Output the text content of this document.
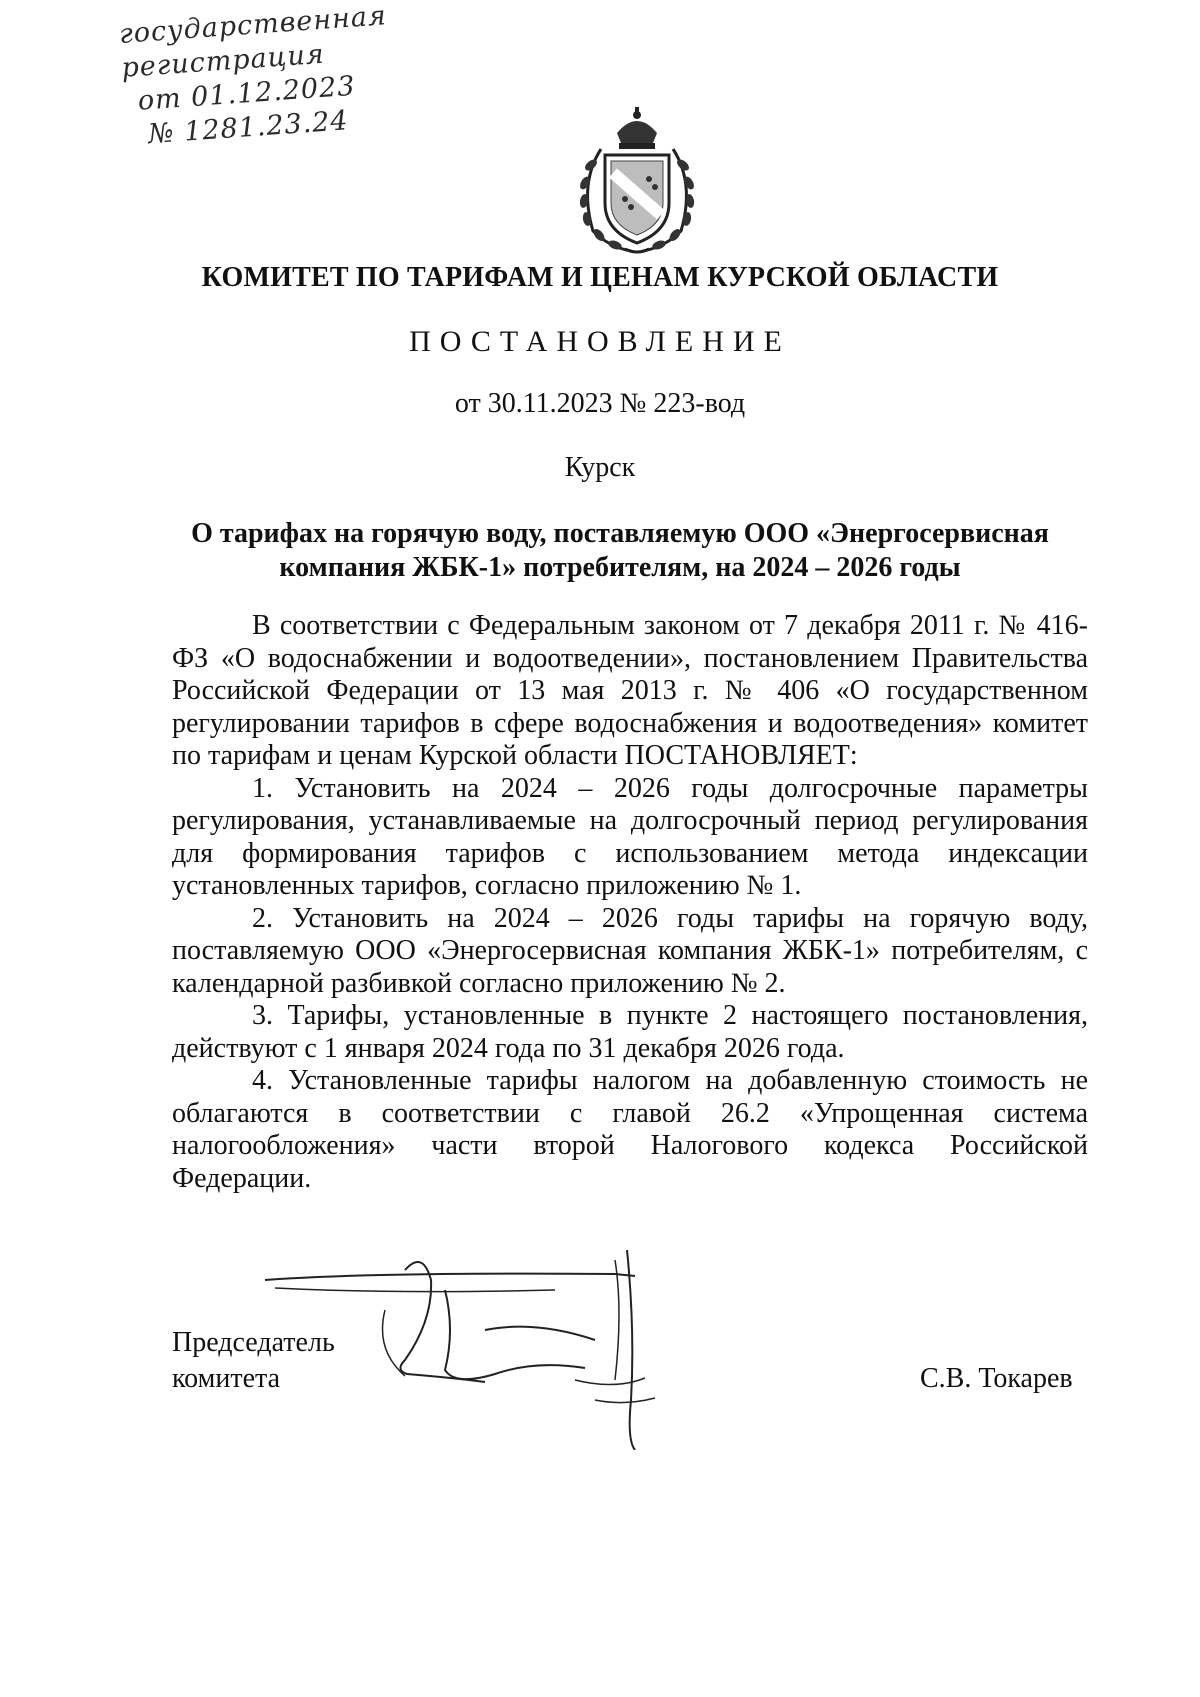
государственная
регистрация
от 01.12.2023
№ 1281.23.24
КОМИТЕТ ПО ТАРИФАМ И ЦЕНАМ КУРСКОЙ ОБЛАСТИ
ПОСТАНОВЛЕНИЕ
от 30.11.2023 № 223-вод
Курск
О тарифах на горячую воду, поставляемую ООО «Энергосервисная
компания ЖБК-1» потребителям, на 2024 – 2026 годы

В соответствии с Федеральным законом от 7 декабря 2011 г. № 416-ФЗ «О водоснабжении и водоотведении», постановлением Правительства Российской Федерации от 13 мая 2013 г. № 406 «О государственном регулировании тарифов в сфере водоснабжения и водоотведения» комитет по тарифам и ценам Курской области ПОСТАНОВЛЯЕТ:

1. Установить на 2024 – 2026 годы долгосрочные параметры регулирования, устанавливаемые на долгосрочный период регулирования для формирования тарифов с использованием метода индексации установленных тарифов, согласно приложению № 1.

2. Установить на 2024 – 2026 годы тарифы на горячую воду, поставляемую ООО «Энергосервисная компания ЖБК-1» потребителям, с календарной разбивкой согласно приложению № 2.

3. Тарифы, установленные в пункте 2 настоящего постановления, действуют с 1 января 2024 года по 31 декабря 2026 года.

4. Установленные тарифы налогом на добавленную стоимость не облагаются в соответствии с главой 26.2 «Упрощенная система налогообложения» части второй Налогового кодекса Российской Федерации.

Председатель
комитета	С.В. Токарев
